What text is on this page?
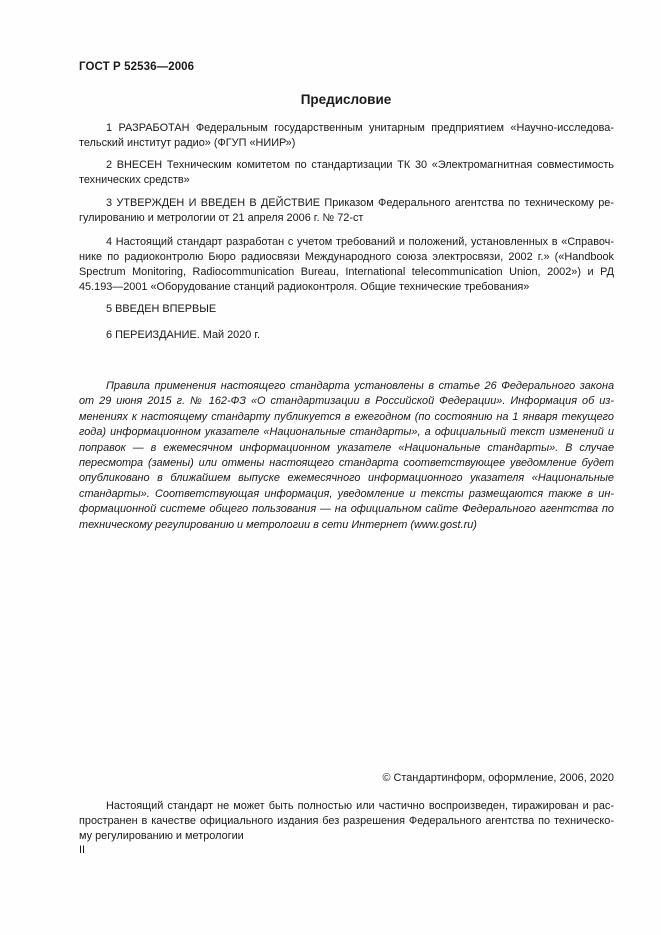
ГОСТ Р 52536—2006
Предисловие

1 РАЗРАБОТАН Федеральным государственным унитарным предприятием «Научно-исследовательский институт радио» (ФГУП «НИИР»)

2 ВНЕСЕН Техническим комитетом по стандартизации ТК 30 «Электромагнитная совместимость технических средств»

3 УТВЕРЖДЕН И ВВЕДЕН В ДЕЙСТВИЕ Приказом Федерального агентства по техническому регулированию и метрологии от 21 апреля 2006 г. № 72-ст

4 Настоящий стандарт разработан с учетом требований и положений, установленных в «Справочнике по радиоконтролю Бюро радиосвязи Международного союза электросвязи, 2002 г.» («Handbook Spectrum Monitoring, Radiocommunication Bureau, International telecommunication Union, 2002») и РД 45.193—2001 «Оборудование станций радиоконтроля. Общие технические требования»

5 ВВЕДЕН ВПЕРВЫЕ

6 ПЕРЕИЗДАНИЕ. Май 2020 г.

Правила применения настоящего стандарта установлены в статье 26 Федерального закона от 29 июня 2015 г. № 162-ФЗ «О стандартизации в Российской Федерации». Информация об изменениях к настоящему стандарту публикуется в ежегодном (по состоянию на 1 января текущего года) информационном указателе «Национальные стандарты», а официальный текст изменений и поправок — в ежемесячном информационном указателе «Национальные стандарты». В случае пересмотра (замены) или отмены настоящего стандарта соответствующее уведомление будет опубликовано в ближайшем выпуске ежемесячного информационного указателя «Национальные стандарты». Соответствующая информация, уведомление и тексты размещаются также в информационной системе общего пользования — на официальном сайте Федерального агентства по техническому регулированию и метрологии в сети Интернет (www.gost.ru)

© Стандартинформ, оформление, 2006, 2020

Настоящий стандарт не может быть полностью или частично воспроизведен, тиражирован и распространен в качестве официального издания без разрешения Федерального агентства по техническому регулированию и метрологии

II
